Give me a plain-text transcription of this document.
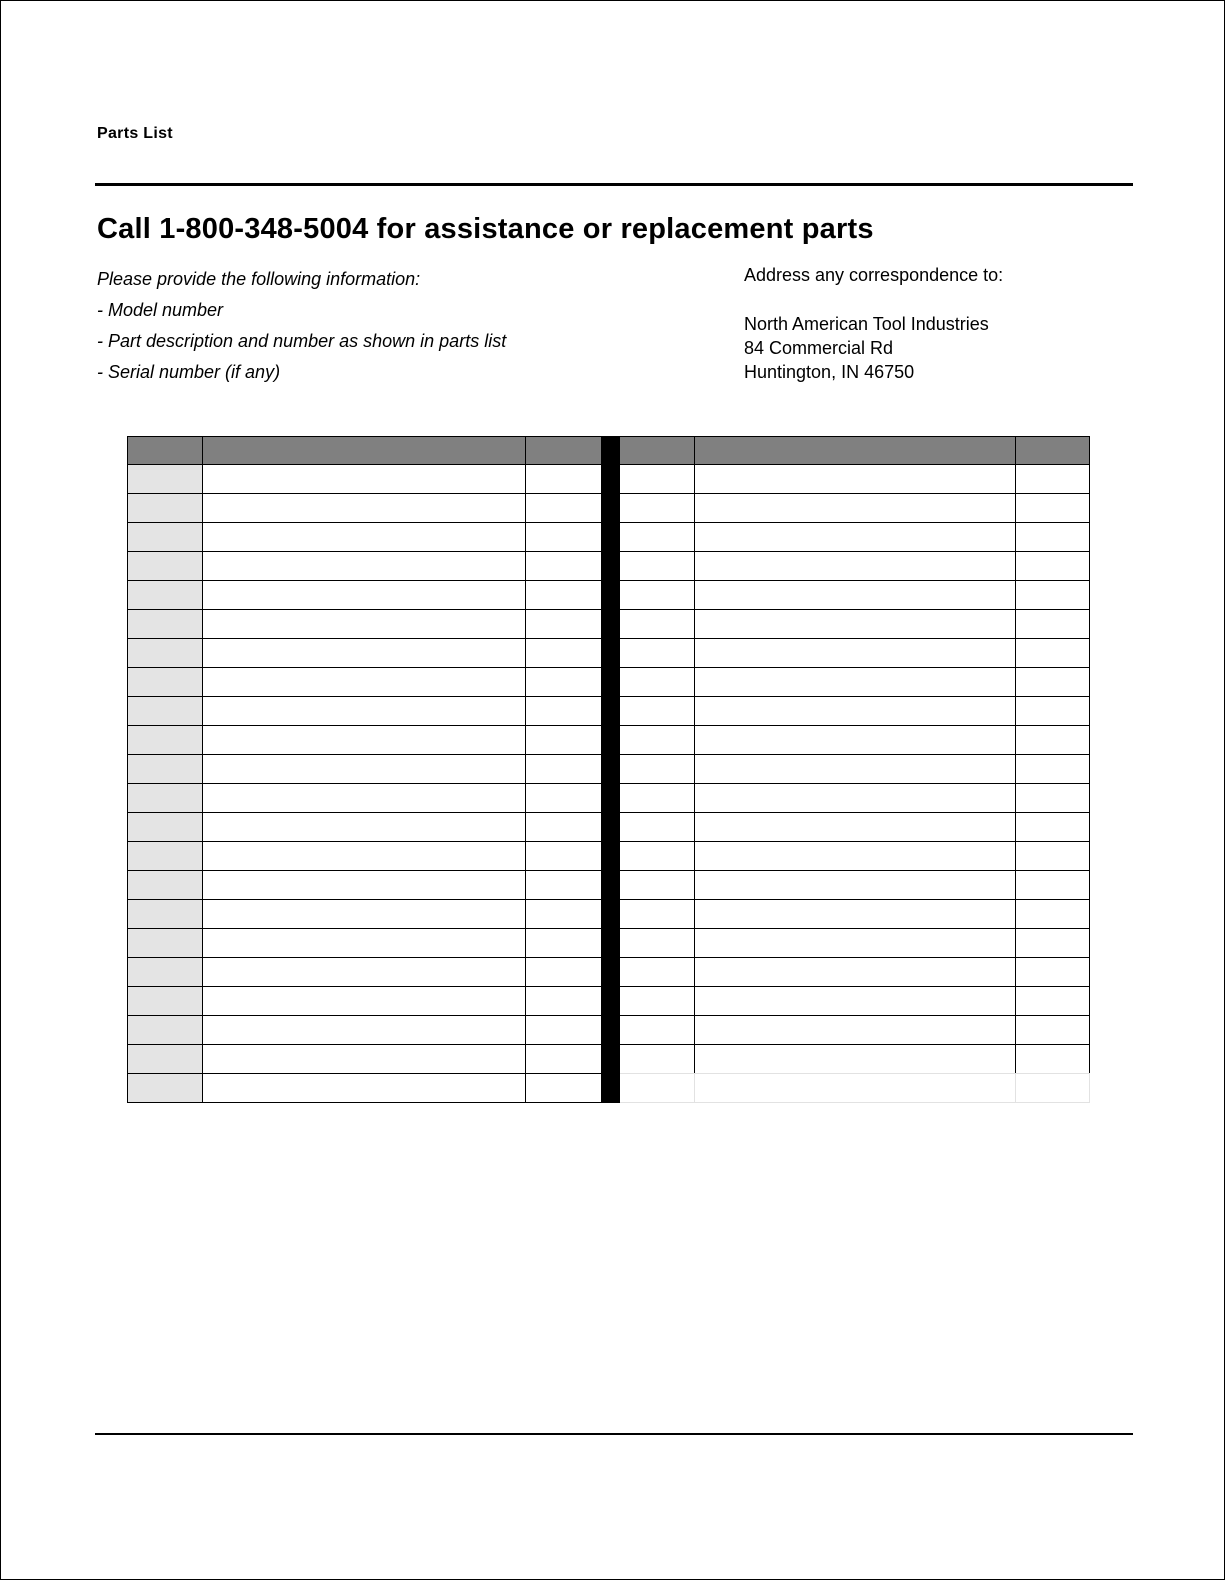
Parts List
Call 1-800-348-5004 for assistance or replacement parts
Please provide the following information:
- Model number
- Part description and number as shown in parts list
- Serial number (if any)
Address any correspondence to:
North American Tool Industries
84 Commercial Rd
Huntington, IN 46750
